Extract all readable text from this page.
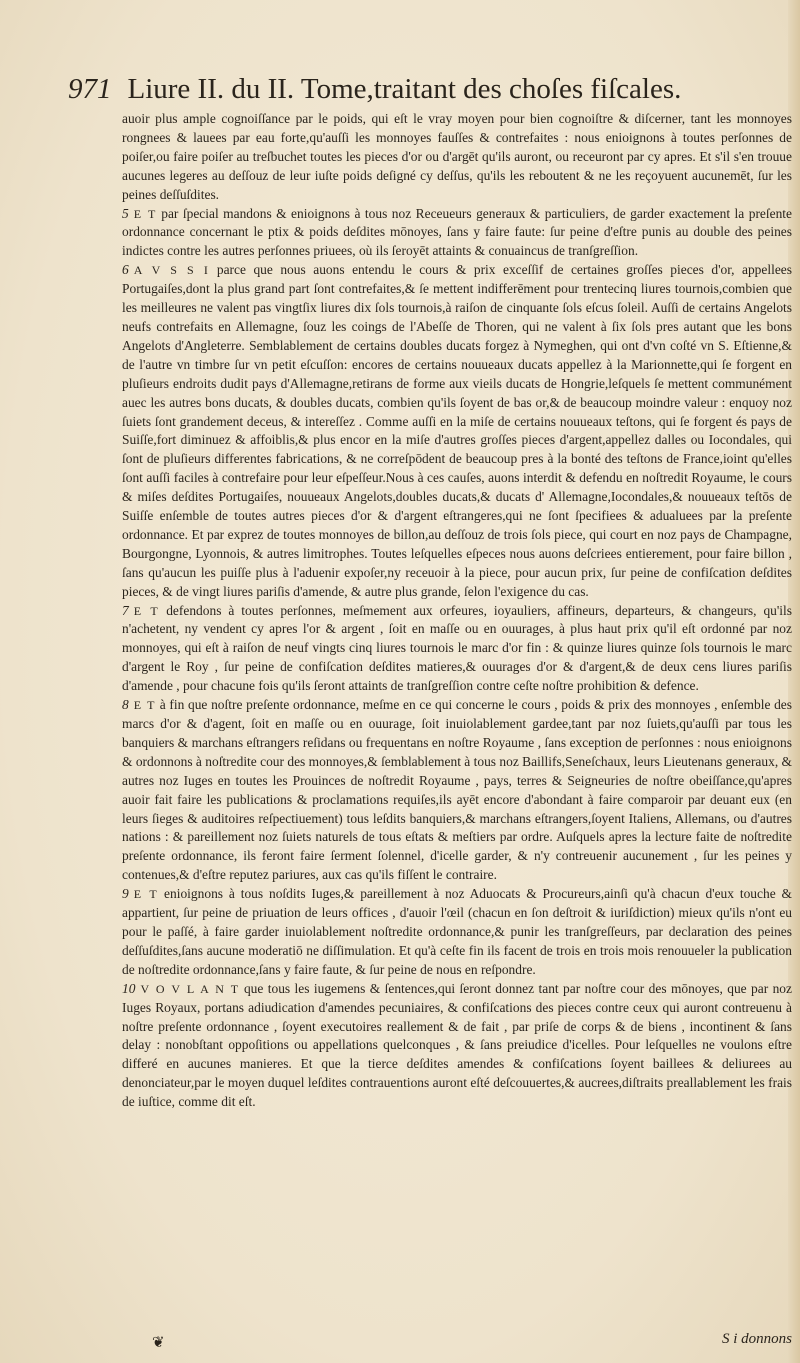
971 Liure II. du II. Tome,traitant des choſes fiſcales.

auoir plus ample cognoiſſance par le poids, qui eſt le vray moyen pour bien cognoiſtre & diſcerner, tant les monnoyes rongnees & lauees par eau forte,qu'auſſi les monnoyes fauſſes & contrefaites : nous enioignons à toutes perſonnes de poiſer,ou faire poiſer au treſbuchet toutes les pieces d'or ou d'argēt qu'ils auront, ou receuront par cy apres. Et s'il s'en trouue aucunes legeres au deſſouz de leur iuſte poids deſigné cy deſſus, qu'ils les reboutent & ne les reçoyuent aucunemēt, ſur les peines deſſuſdites.

5 E T par ſpecial mandons & enioignons à tous noz Receueurs generaux & particuliers, de garder exactement la preſente ordonnance concernant le ptix & poids deſdites mōnoyes, ſans y faire faute: ſur peine d'eſtre punis au double des peines indictes contre les autres perſonnes priuees, où ils ſeroyēt attaints & conuaincus de tranſgreſſion.

6 A V S S I parce que nous auons entendu le cours & prix exceſſif de certaines groſſes pieces d'or, appellees Portugaiſes,dont la plus grand part ſont contrefaites,& ſe mettent indifferēment pour trentecinq liures tournois,combien que les meilleures ne valent pas vingtſix liures dix ſols tournois,à raiſon de cinquante ſols eſcus ſoleil. Auſſi de certains Angelots neufs contrefaits en Allemagne, ſouz les coings de l'Abeſſe de Thoren, qui ne valent à ſix ſols pres autant que les bons Angelots d'Angleterre. Semblablement de certains doubles ducats forgez à Nymeghen, qui ont d'vn coſté vn S. Eſtienne,& de l'autre vn timbre ſur vn petit eſcuſſon: encores de certains nouueaux ducats appellez à la Marionnette,qui ſe forgent en pluſieurs endroits dudit pays d'Allemagne,retirans de forme aux vieils ducats de Hongrie,leſquels ſe mettent communément auec les autres bons ducats, & doubles ducats, combien qu'ils ſoyent de bas or,& de beaucoup moindre valeur : enquoy noz ſuiets ſont grandement deceus, & intereſſez . Comme auſſi en la miſe de certains nouueaux teſtons, qui ſe forgent és pays de Suiſſe,fort diminuez & affoiblis,& plus encor en la miſe d'autres groſſes pieces d'argent,appellez dalles ou Iocondales, qui ſont de pluſieurs differentes fabrications, & ne correſpōdent de beaucoup pres à la bonté des teſtons de France,ioint qu'elles ſont auſſi faciles à contrefaire pour leur eſpeſſeur.Nous à ces cauſes, auons interdit & defendu en noſtredit Royaume, le cours & miſes deſdites Portugaiſes, nouueaux Angelots,doubles ducats,& ducats d' Allemagne,Iocondales,& nouueaux teſtōs de Suiſſe enſemble de toutes autres pieces d'or & d'argent eſtrangeres,qui ne ſont ſpecifiees & adualuees par la preſente ordonnance. Et par exprez de toutes monnoyes de billon,au deſſouz de trois ſols piece, qui court en noz pays de Champagne, Bourgongne, Lyonnois, & autres limitrophes. Toutes leſquelles eſpeces nous auons deſcriees entierement, pour faire billon , ſans qu'aucun les puiſſe plus à l'aduenir expoſer,ny receuoir à la piece, pour aucun prix, ſur peine de confiſcation deſdites pieces, & de vingt liures pariſis d'amende, & autre plus grande, ſelon l'exigence du cas.

7 E T defendons à toutes perſonnes, meſmement aux orfeures, ioyauliers, affineurs, departeurs, & changeurs, qu'ils n'achetent, ny vendent cy apres l'or & argent , ſoit en maſſe ou en ouurages, à plus haut prix qu'il eſt ordonné par noz monnoyes, qui eſt à raiſon de neuf vingts cinq liures tournois le marc d'or fin : & quinze liures quinze ſols tournois le marc d'argent le Roy , ſur peine de confiſcation deſdites matieres,& ouurages d'or & d'argent,& de deux cens liures pariſis d'amende , pour chacune fois qu'ils ſeront attaints de tranſgreſſion contre ceſte noſtre prohibition & defence.

8 E T à fin que noſtre preſente ordonnance, meſme en ce qui concerne le cours , poids & prix des monnoyes , enſemble des marcs d'or & d'agent, ſoit en maſſe ou en ouurage, ſoit inuiolablement gardee,tant par noz ſuiets,qu'auſſi par tous les banquiers & marchans eſtrangers reſidans ou frequentans en noſtre Royaume , ſans exception de perſonnes : nous enioignons & ordonnons à noſtredite cour des monnoyes,& ſemblablement à tous noz Baillifs,Seneſchaux, leurs Lieutenans generaux, & autres noz Iuges en toutes les Prouinces de noſtredit Royaume , pays, terres & Seigneuries de noſtre obeiſſance,qu'apres auoir fait faire les publications & proclamations requiſes,ils ayēt encore d'abondant à faire comparoir par deuant eux (en leurs ſieges & auditoires reſpectiuement) tous leſdits banquiers,& marchans eſtrangers,ſoyent Italiens, Allemans, ou d'autres nations : & pareillement noz ſuiets naturels de tous eſtats & meſtiers par ordre. Auſquels apres la lecture faite de noſtredite preſente ordonnance, ils feront faire ſerment ſolennel, d'icelle garder, & n'y contreuenir aucunement , ſur les peines y contenues,& d'eſtre reputez pariures, aux cas qu'ils fiſſent le contraire.

9 E T enioignons à tous noſdits Iuges,& pareillement à noz Aduocats & Procureurs,ainſi qu'à chacun d'eux touche & appartient, ſur peine de priuation de leurs offices , d'auoir l'œil (chacun en ſon deſtroit & iuriſdiction) mieux qu'ils n'ont eu pour le paſſé, à faire garder inuiolablement noſtredite ordonnance,& punir les tranſgreſſeurs, par declaration des peines deſſuſdites,ſans aucune moderatiō ne diſſimulation. Et qu'à ceſte fin ils facent de trois en trois mois renouueler la publication de noſtredite ordonnance,ſans y faire faute, & ſur peine de nous en reſpondre.

10 V O V L A N T que tous les iugemens & ſentences,qui ſeront donnez tant par noſtre cour des mōnoyes, que par noz Iuges Royaux, portans adiudication d'amendes pecuniaires, & confiſcations des pieces contre ceux qui auront contreuenu à noſtre preſente ordonnance , ſoyent executoires reallement & de fait , par priſe de corps & de biens , incontinent & ſans delay : nonobſtant oppoſitions ou appellations quelconques , & ſans preiudice d'icelles. Pour leſquelles ne voulons eſtre differé en aucunes manieres. Et que la tierce deſdites amendes & confiſcations ſoyent baillees & deliurees au denonciateur,par le moyen duquel leſdites contrauentions auront eſté deſcouuertes,& aucrees,diſtraits preallablement les frais de iuſtice, comme dit eſt.

❦	S i donnons
